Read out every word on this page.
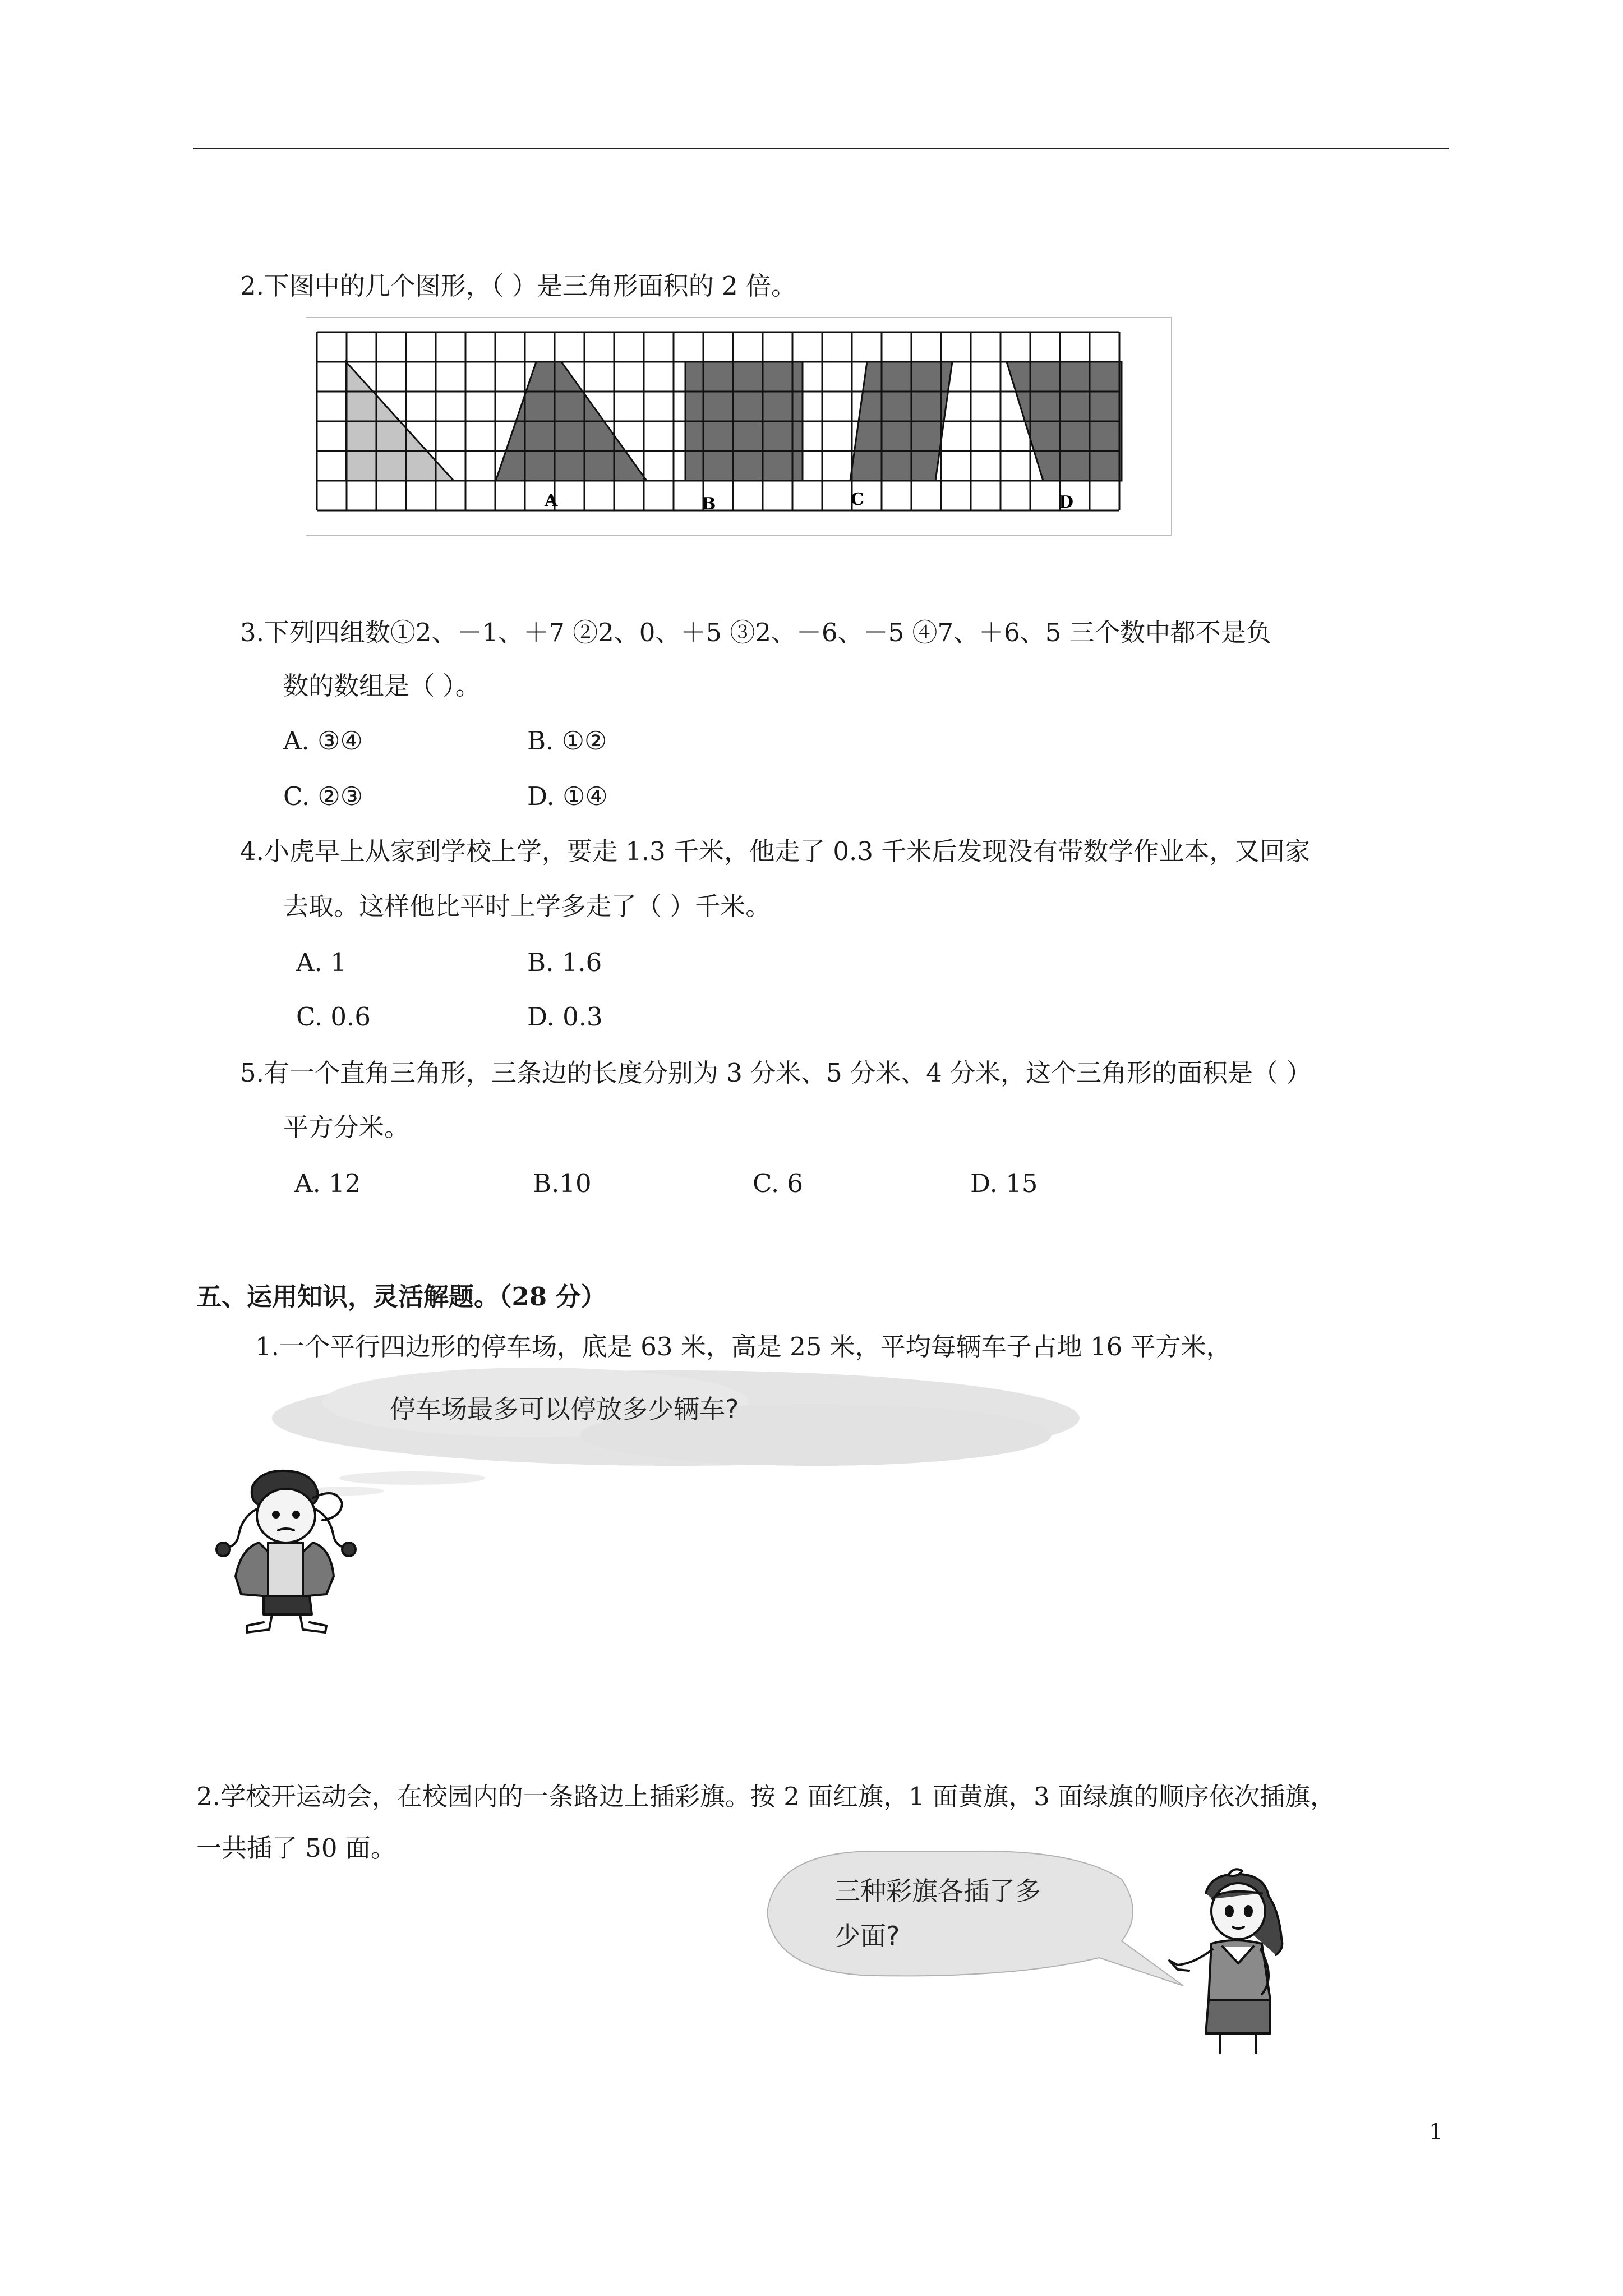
2.下图中的几个图形，（ ）是三角形面积的 2 倍。
A	B	C	D
3.下列四组数①2、－1、＋7 ②2、0、＋5 ③2、－6、－5 ④7、＋6、5 三个数中都不是负
数的数组是（ ）。
A. ③④	B. ①②
C. ②③	D. ①④
4.小虎早上从家到学校上学，要走 1.3 千米，他走了 0.3 千米后发现没有带数学作业本，又回家
去取。这样他比平时上学多走了（ ）千米。
A. 1	B. 1.6
C. 0.6	D. 0.3
5.有一个直角三角形，三条边的长度分别为 3 分米、5 分米、4 分米，这个三角形的面积是（ ）
平方分米。
A. 12	B.10	C. 6	D. 15
五、运用知识，灵活解题。（28 分）
1.一个平行四边形的停车场，底是 63 米，高是 25 米，平均每辆车子占地 16 平方米，
停车场最多可以停放多少辆车?
2.学校开运动会，在校园内的一条路边上插彩旗。按 2 面红旗，1 面黄旗，3 面绿旗的顺序依次插旗，
一共插了 50 面。
三种彩旗各插了多
少面?
1
